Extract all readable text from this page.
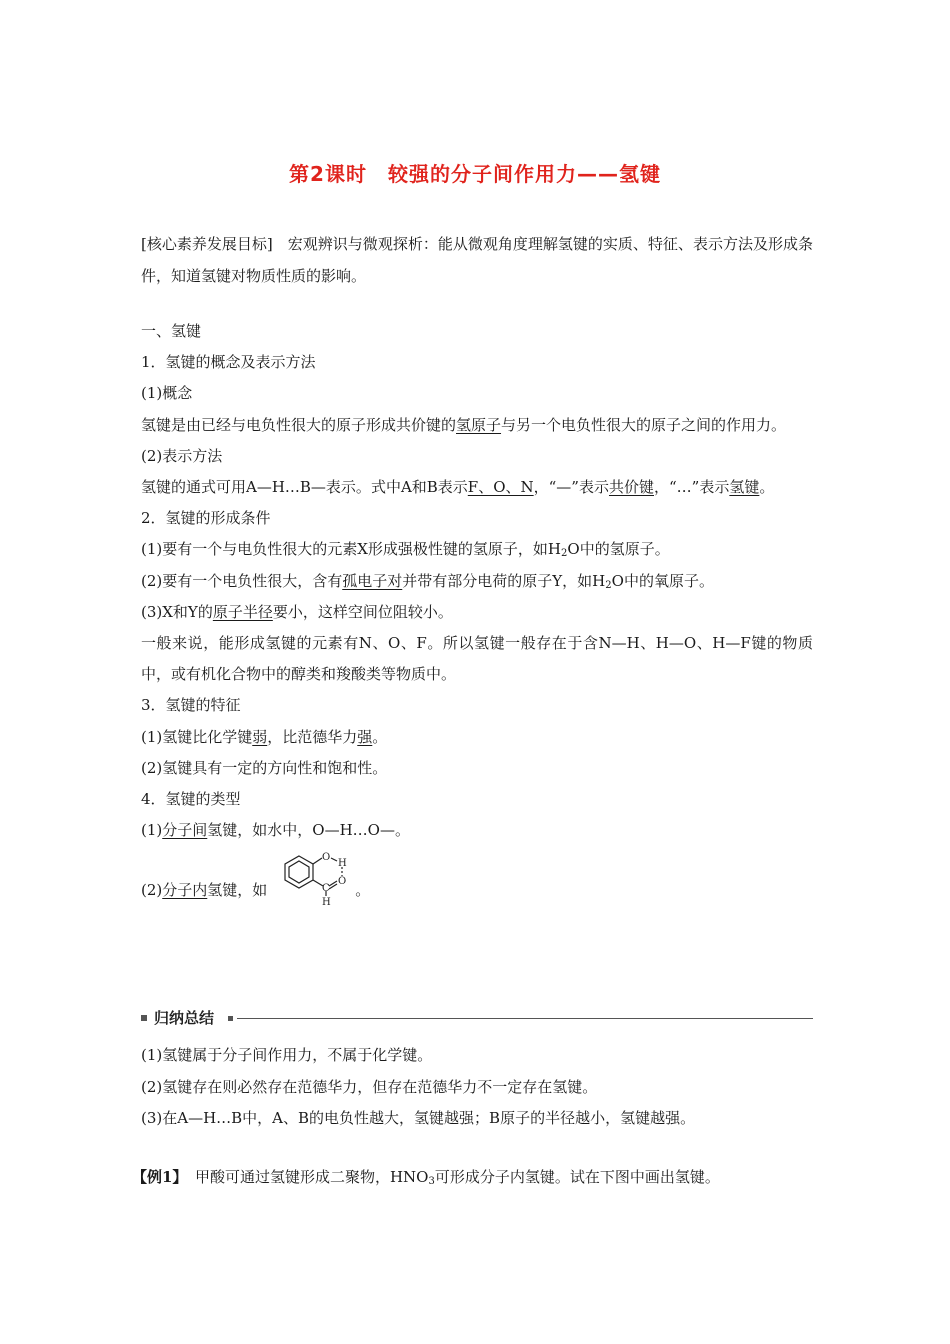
第2课时　较强的分子间作用力——氢键
[核心素养发展目标]　宏观辨识与微观探析：能从微观角度理解氢键的实质、特征、表示方法及形成条件，知道氢键对物质性质的影响。
一、氢键
1．氢键的概念及表示方法
(1)概念
氢键是由已经与电负性很大的原子形成共价键的氢原子与另一个电负性很大的原子之间的作用力。
(2)表示方法
氢键的通式可用A—H…B—表示。式中A和B表示F、O、N，“—”表示共价键，“…”表示氢键。
2．氢键的形成条件
(1)要有一个与电负性很大的元素X形成强极性键的氢原子，如$H_2O$中的氢原子。
(2)要有一个电负性很大，含有孤电子对并带有部分电荷的原子Y，如$H_2O$中的氧原子。
(3)X和Y的原子半径要小，这样空间位阻较小。
一般来说，能形成氢键的元素有N、O、F。所以氢键一般存在于含N—H、H—O、H—F键的物质中，或有机化合物中的醇类和羧酸类等物质中。
3．氢键的特征
(1)氢键比化学键弱，比范德华力强。
(2)氢键具有一定的方向性和饱和性。
4．氢键的类型
(1)分子间氢键，如水中，O—H…O—。
(2)分子内氢键，如	。
O
H
C
O
H
归纳总结
(1)氢键属于分子间作用力，不属于化学键。
(2)氢键存在则必然存在范德华力，但存在范德华力不一定存在氢键。
(3)在A—H…B中，A、B的电负性越大，氢键越强；B原子的半径越小，氢键越强。
【例1】　甲酸可通过氢键形成二聚物，$HNO_3$可形成分子内氢键。试在下图中画出氢键。
